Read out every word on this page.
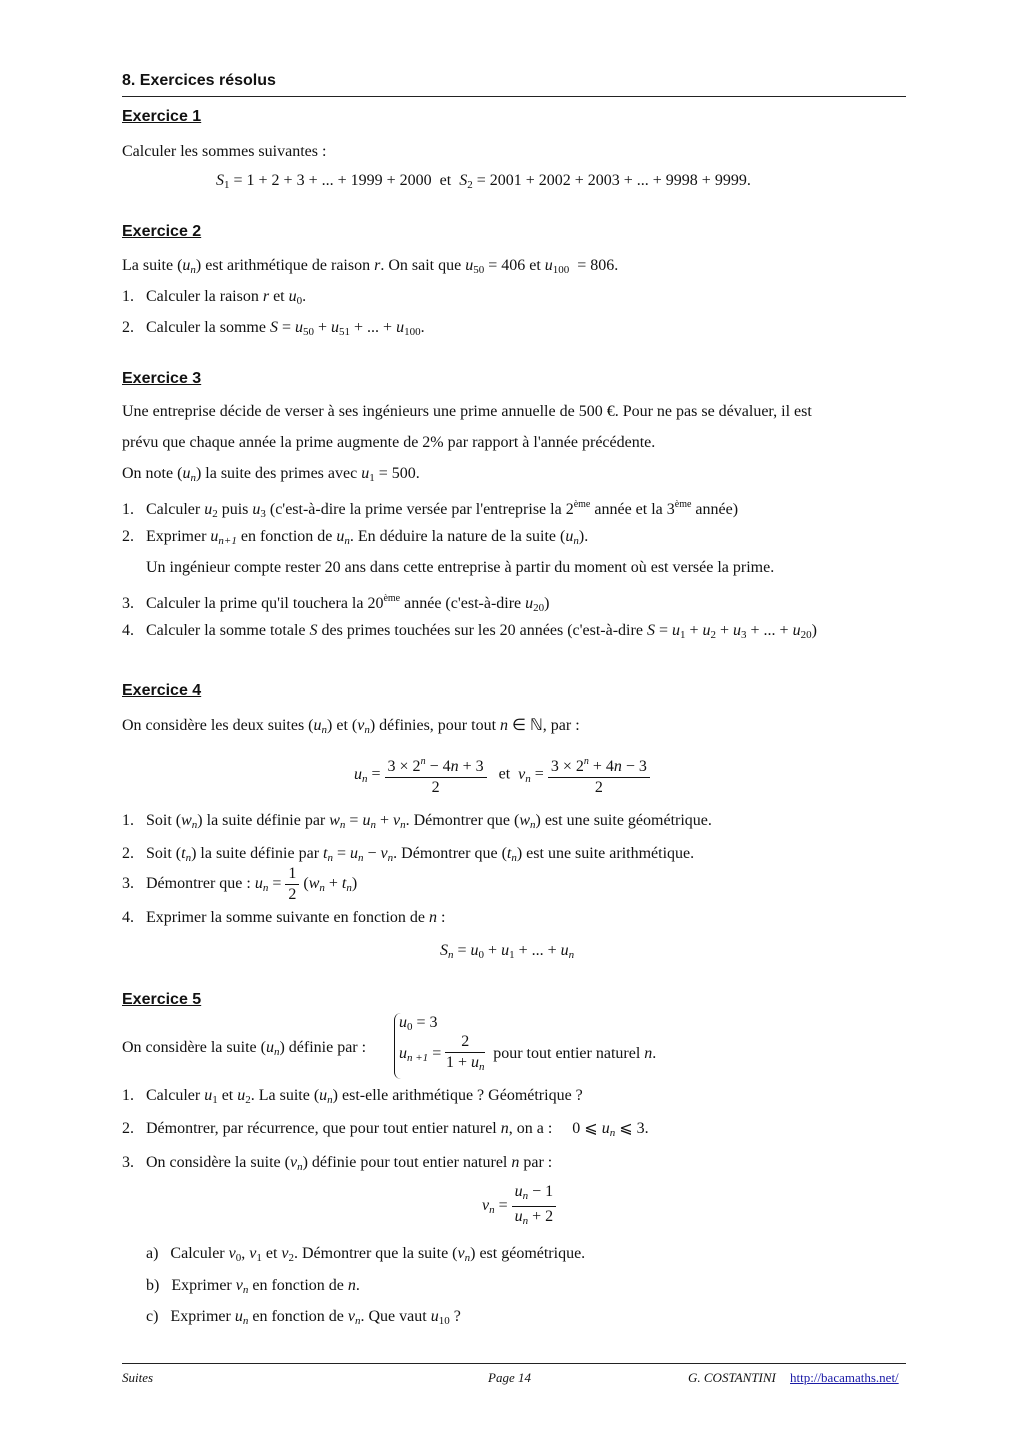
8. Exercices résolus
Exercice 1
Calculer les sommes suivantes :
S1 = 1 + 2 + 3 + ... + 1999 + 2000  et  S2 = 2001 + 2002 + 2003 + ... + 9998 + 9999.
Exercice 2
La suite $(u_n)$ est arithmétique de raison r. On sait que u50 = 406 et u100  = 806.
1.   Calculer la raison r et u0.
2.   Calculer la somme S = u50 + u51 + ... + u100.
Exercice 3
Une entreprise décide de verser à ses ingénieurs une prime annuelle de 500 €. Pour ne pas se dévaluer, il est
prévu que chaque année la prime augmente de 2% par rapport à l'année précédente.
On note $(u_n)$ la suite des primes avec u1 = 500.
1.   Calculer u2 puis u3 (c'est-à-dire la prime versée par l'entreprise la 2ème année et la 3ème année)
2.   Exprimer $u_{n+1}$ en fonction de $u_n$. En déduire la nature de la suite $(u_n)$.
Un ingénieur compte rester 20 ans dans cette entreprise à partir du moment où est versée la prime.
3.   Calculer la prime qu'il touchera la 20ème année (c'est-à-dire u20)
4.   Calculer la somme totale S des primes touchées sur les 20 années (c'est-à-dire S = u1 + u2 + u3 + ... + u20)
Exercice 4
On considère les deux suites $(u_n)$ et $(v_n)$ définies, pour tout n ∈ ℕ, par :
$u_n = \frac{3 \times 2^n - 4n + 3}{2}$ et  $v_n = \frac{3 \times 2^n + 4n - 3}{2}$
1.   Soit $(w_n)$ la suite définie par $w_n = u_n + v_n$. Démontrer que $(w_n)$ est une suite géométrique.
2.   Soit $(t_n)$ la suite définie par $t_n = u_n - v_n$. Démontrer que $(t_n)$ est une suite arithmétique.
3.   Démontrer que : $u_n = \frac{1}{2} (w_n + t_n)$
4.   Exprimer la somme suivante en fonction de n :
$S_n = u0 + u1$ + ... + $u_n$
Exercice 5
On considère la suite $(u_n)$ définie par :
u0 = 3
$u_{n +1} = \frac{2}{1 + u_n}$ pour tout entier naturel n.
1.   Calculer u1 et u2. La suite $(u_n)$ est-elle arithmétique ? Géométrique ?
2.   Démontrer, par récurrence, que pour tout entier naturel n, on a :     0 ⩽ $u_n$ ⩽ 3.
3.   On considère la suite $(v_n)$ définie pour tout entier naturel n par :
$v_n = \frac{u_n - 1}{u_n + 2}$
a)   Calculer v0, v1 et v2. Démontrer que la suite $(v_n)$ est géométrique.
b)   Exprimer $v_n$ en fonction de n.
c)   Exprimer $u_n$ en fonction de $v_n$. Que vaut u10 ?
Suites	Page 14	G. COSTANTINI http://bacamaths.net/
